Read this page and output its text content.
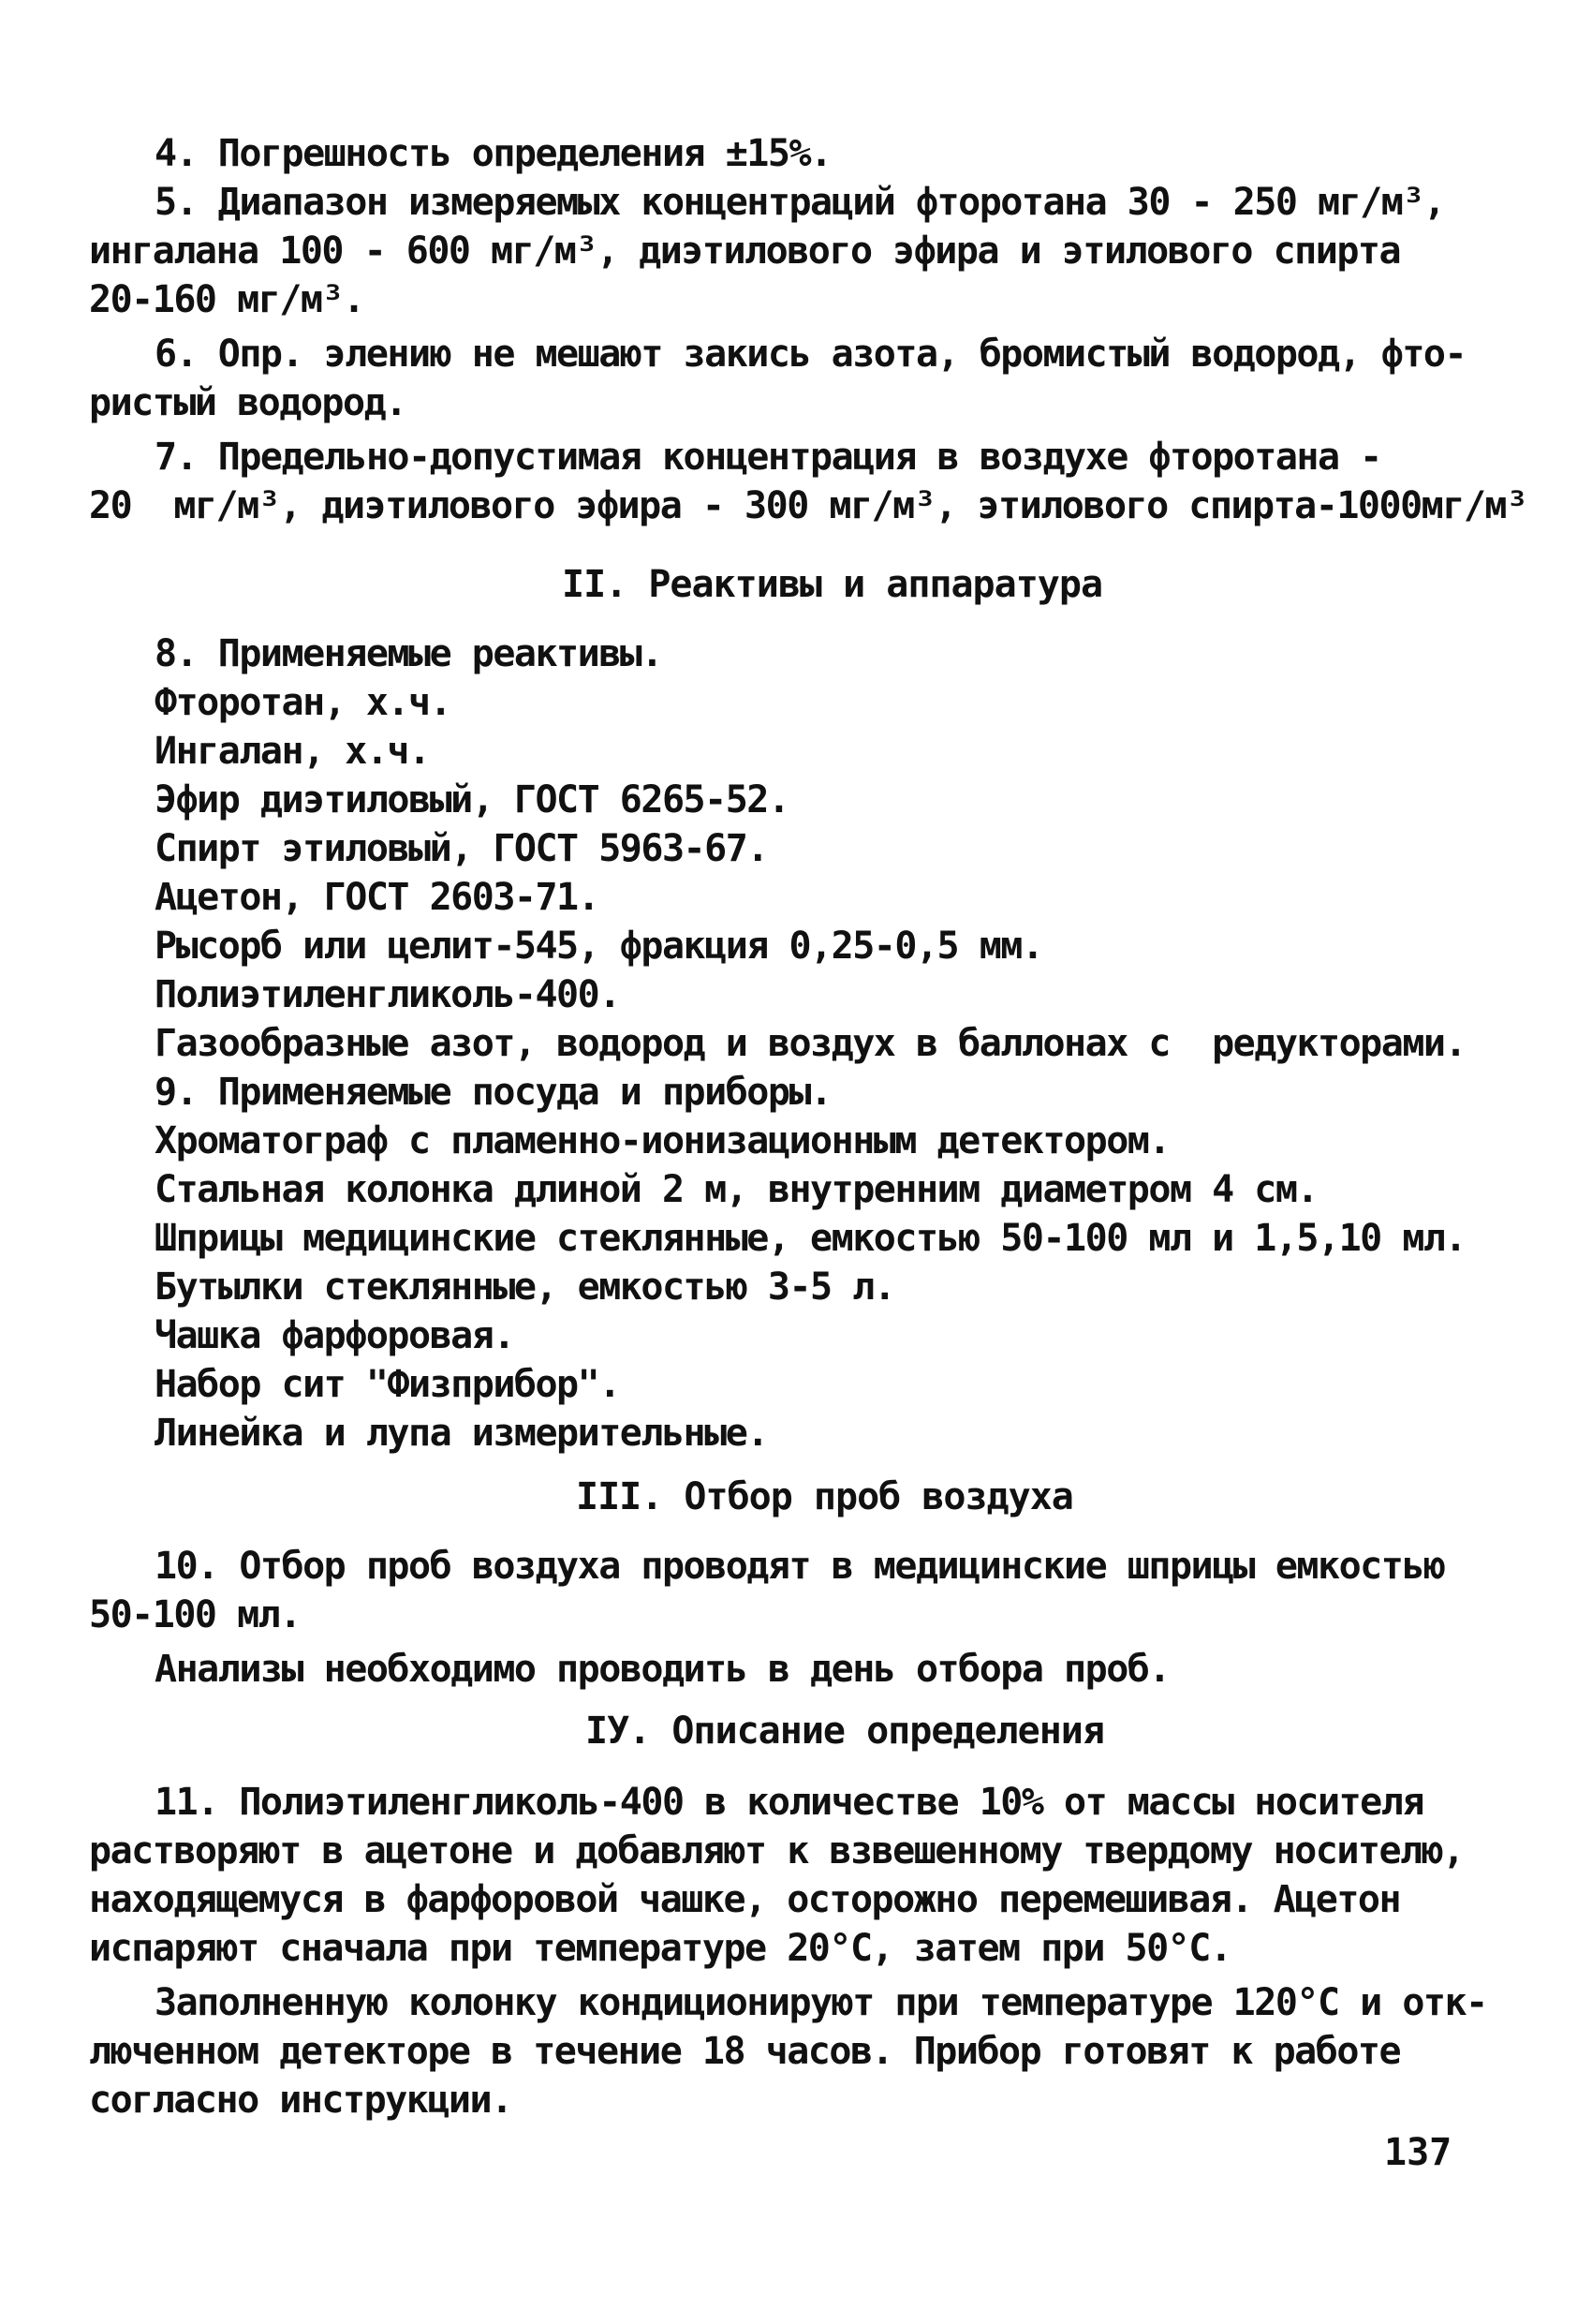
4. Погрешность определения ±15%.
5. Диапазон измеряемых концентраций фторотана 30 - 250 мг/м³,
ингалана 100 - 600 мг/м³, диэтилового эфира и этилового спирта
20-160 мг/м³.
6. Опр. элению не мешают закись азота, бромистый водород, фто-
ристый водород.
7. Предельно-допустимая концентрация в воздухе фторотана -
20  мг/м³, диэтилового эфира - 300 мг/м³, этилового спирта-1000мг/м³
II. Реактивы и аппаратура
8. Применяемые реактивы.
Фторотан, х.ч.
Ингалан, х.ч.
Эфир диэтиловый, ГОСТ 6265-52.
Спирт этиловый, ГОСТ 5963-67.
Ацетон, ГОСТ 2603-71.
Рысорб или целит-545, фракция 0,25-0,5 мм.
Полиэтиленгликоль-400.
Газообразные азот, водород и воздух в баллонах с  редукторами.
9. Применяемые посуда и приборы.
Хроматограф с пламенно-ионизационным детектором.
Стальная колонка длиной 2 м, внутренним диаметром 4 см.
Шприцы медицинские стеклянные, емкостью 50-100 мл и 1,5,10 мл.
Бутылки стеклянные, емкостью 3-5 л.
Чашка фарфоровая.
Набор сит "Физприбор".
Линейка и лупа измерительные.
III. Отбор проб воздуха
10. Отбор проб воздуха проводят в медицинские шприцы емкостью
50-100 мл.
Анализы необходимо проводить в день отбора проб.
IУ. Описание определения
11. Полиэтиленгликоль-400 в количестве 10% от массы носителя
растворяют в ацетоне и добавляют к взвешенному твердому носителю,
находящемуся в фарфоровой чашке, осторожно перемешивая. Ацетон
испаряют сначала при температуре 20°С, затем при 50°С.
Заполненную колонку кондиционируют при температуре 120°С и отк-
люченном детекторе в течение 18 часов. Прибор готовят к работе
согласно инструкции.
137
